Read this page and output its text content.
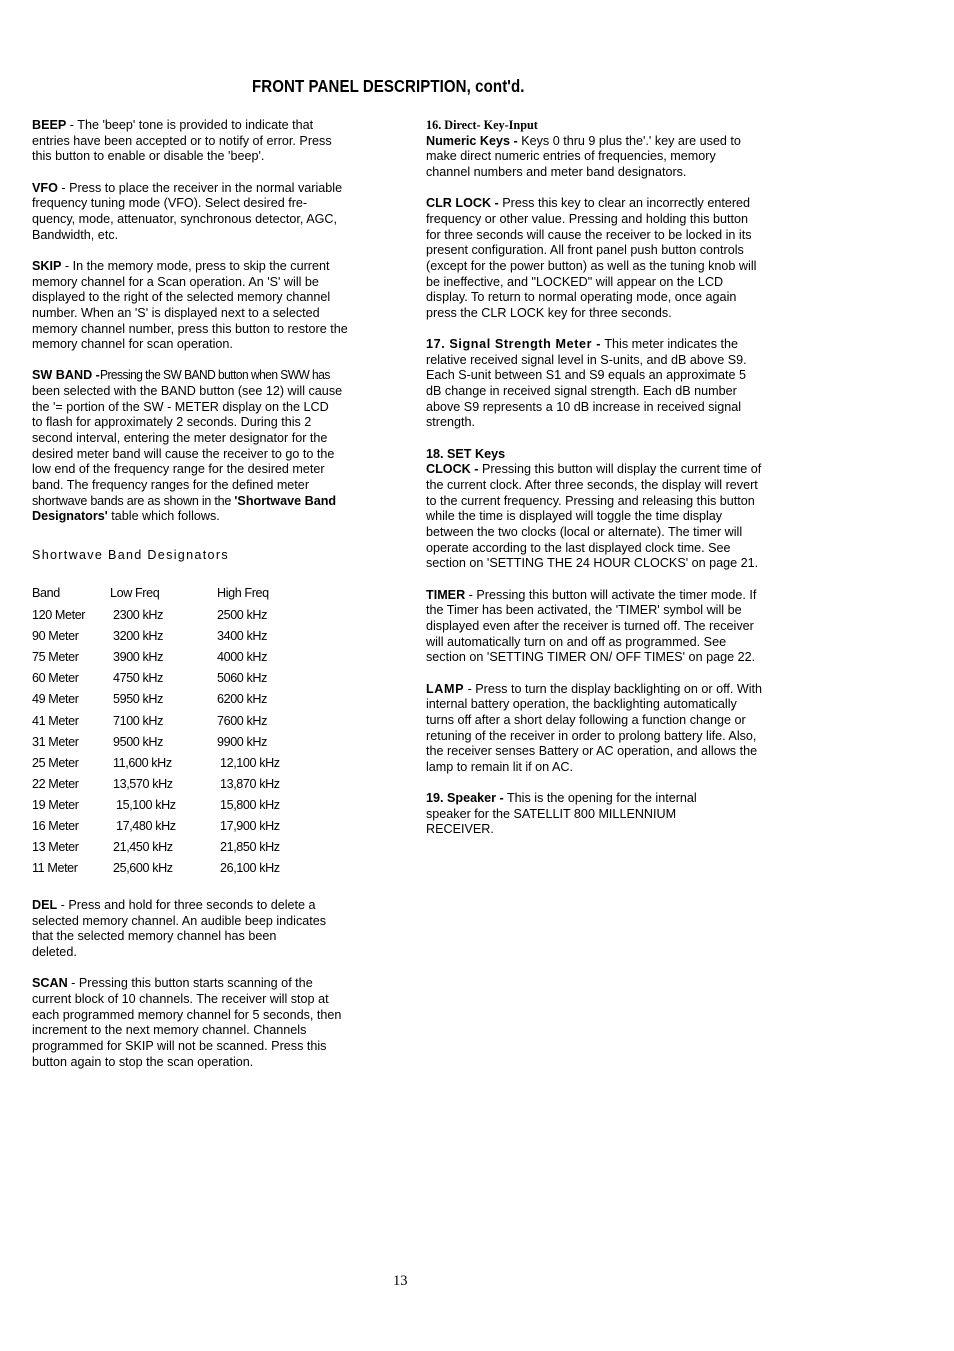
FRONT PANEL DESCRIPTION, cont'd.
BEEP - The 'beep' tone is provided to indicate that
entries have been accepted or to notify of error. Press
this button to enable or disable the 'beep'.
VFO - Press to place the receiver in the normal variable
frequency tuning mode (VFO). Select desired fre-
quency, mode, attenuator, synchronous detector, AGC,
Bandwidth, etc.
SKIP - In the memory mode, press to skip the current
memory channel for a Scan operation. An 'S' will be
displayed to the right of the selected memory channel
number. When an 'S' is displayed next to a selected
memory channel number, press this button to restore the
memory channel for scan operation.
SW BAND -Pressing the SW BAND button when SWW has
been selected with the BAND button (see 12) will cause
the '= portion of the SW - METER display on the LCD
to flash for approximately 2 seconds. During this 2
second interval, entering the meter designator for the
desired meter band will cause the receiver to go to the
low end of the frequency range for the desired meter
band. The frequency ranges for the defined meter
shortwave bands are as shown in the 'Shortwave Band
Designators' table which follows.
Shortwave Band Designators
Band	Low Freq	High Freq
120 Meter 2300 kHz	2500 kHz
90 Meter	3200 kHz	3400 kHz
75 Meter	3900 kHz	4000 kHz
60 Meter	4750 kHz	5060 kHz
49 Meter	5950 kHz	6200 kHz
41 Meter	7100 kHz	7600 kHz
31 Meter	9500 kHz	9900 kHz
25 Meter	11,600 kHz	12,100 kHz
22 Meter	13,570 kHz	13,870 kHz
19 Meter	15,100 kHz	15,800 kHz
16 Meter	17,480 kHz	17,900 kHz
13 Meter	21,450 kHz	21,850 kHz
11 Meter	25,600 kHz	26,100 kHz
DEL - Press and hold for three seconds to delete a
selected memory channel. An audible beep indicates
that the selected memory channel has been
deleted.
SCAN - Pressing this button starts scanning of the
current block of 10 channels. The receiver will stop at
each programmed memory channel for 5 seconds, then
increment to the next memory channel. Channels
programmed for SKIP will not be scanned. Press this
button again to stop the scan operation.
16. Direct- Key-Input
Numeric Keys - Keys 0 thru 9 plus the'.' key are used to
make direct numeric entries of frequencies, memory
channel numbers and meter band designators.
CLR LOCK - Press this key to clear an incorrectly entered
frequency or other value. Pressing and holding this button
for three seconds will cause the receiver to be locked in its
present configuration. All front panel push button controls
(except for the power button) as well as the tuning knob will
be ineffective, and "LOCKED" will appear on the LCD
display. To return to normal operating mode, once again
press the CLR LOCK key for three seconds.
17. Signal Strength Meter - This meter indicates the
relative received signal level in S-units, and dB above S9.
Each S-unit between S1 and S9 equals an approximate 5
dB change in received signal strength. Each dB number
above S9 represents a 10 dB increase in received signal
strength.
18. SET Keys
CLOCK - Pressing this button will display the current time of
the current clock. After three seconds, the display will revert
to the current frequency. Pressing and releasing this button
while the time is displayed will toggle the time display
between the two clocks (local or alternate). The timer will
operate according to the last displayed clock time. See
section on 'SETTING THE 24 HOUR CLOCKS' on page 21.
TIMER - Pressing this button will activate the timer mode. If
the Timer has been activated, the 'TIMER' symbol will be
displayed even after the receiver is turned off. The receiver
will automatically turn on and off as programmed. See
section on 'SETTING TIMER ON/ OFF TIMES' on page 22.
LAMP - Press to turn the display backlighting on or off. With
internal battery operation, the backlighting automatically
turns off after a short delay following a function change or
retuning of the receiver in order to prolong battery life. Also,
the receiver senses Battery or AC operation, and allows the
lamp to remain lit if on AC.
19. Speaker - This is the opening for the internal
speaker for the SATELLIT 800 MILLENNIUM
RECEIVER.
13
